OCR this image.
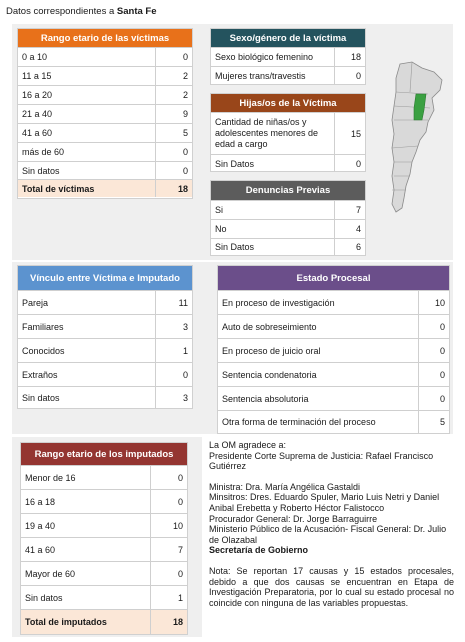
Datos correspondientes a Santa Fe
Rango etario de las víctimas
0 a 10	0
11 a 15	2
16 a 20	2
21 a 40	9
41 a 60	5
más de 60	0
Sin datos	0
Total de víctimas	18
Sexo/género de la víctima
Sexo biológico femenino	18
Mujeres trans/travestis	0
Hijas/os de la Víctima
Cantidad de niñas/os y adolescentes menores de edad a cargo
15
Sin Datos	0
Denuncias Previas
Si	7
No	4
Sin Datos	6
Vínculo entre Víctima e Imputado
Pareja	11
Familiares	3
Conocidos	1
Extraños	0
Sin datos	3
Estado Procesal
En proceso de investigación	10
Auto de sobreseimiento	0
En proceso de juicio oral	0
Sentencia condenatoria	0
Sentencia absolutoria	0
Otra forma de terminación del proceso	5
Rango etario de los imputados
Menor de 16	0
16 a 18	0
19 a 40	10
41 a 60	7
Mayor de 60	0
Sin datos	1
Total de imputados	18

La OM agradece a:

Presidente Corte Suprema de Justicia: Rafael Francisco Gutiérrez

Ministra: Dra. María Angélica Gastaldi

Minsitros: Dres. Eduardo Spuler, Mario Luis Netri y Daniel Anibal Erebetta y Roberto Héctor Falistocco

Procurador General: Dr. Jorge Barraguirre

Ministerio Público de la Acusación- Fiscal General: Dr. Julio de Olazabal

Secretaría de Gobierno

Nota: Se reportan 17 causas y 15 estados procesales, debido a que dos causas se encuentran en Etapa de Investigación Preparatoria, por lo cual su estado procesal no coincide con ninguna de las variables propuestas.
